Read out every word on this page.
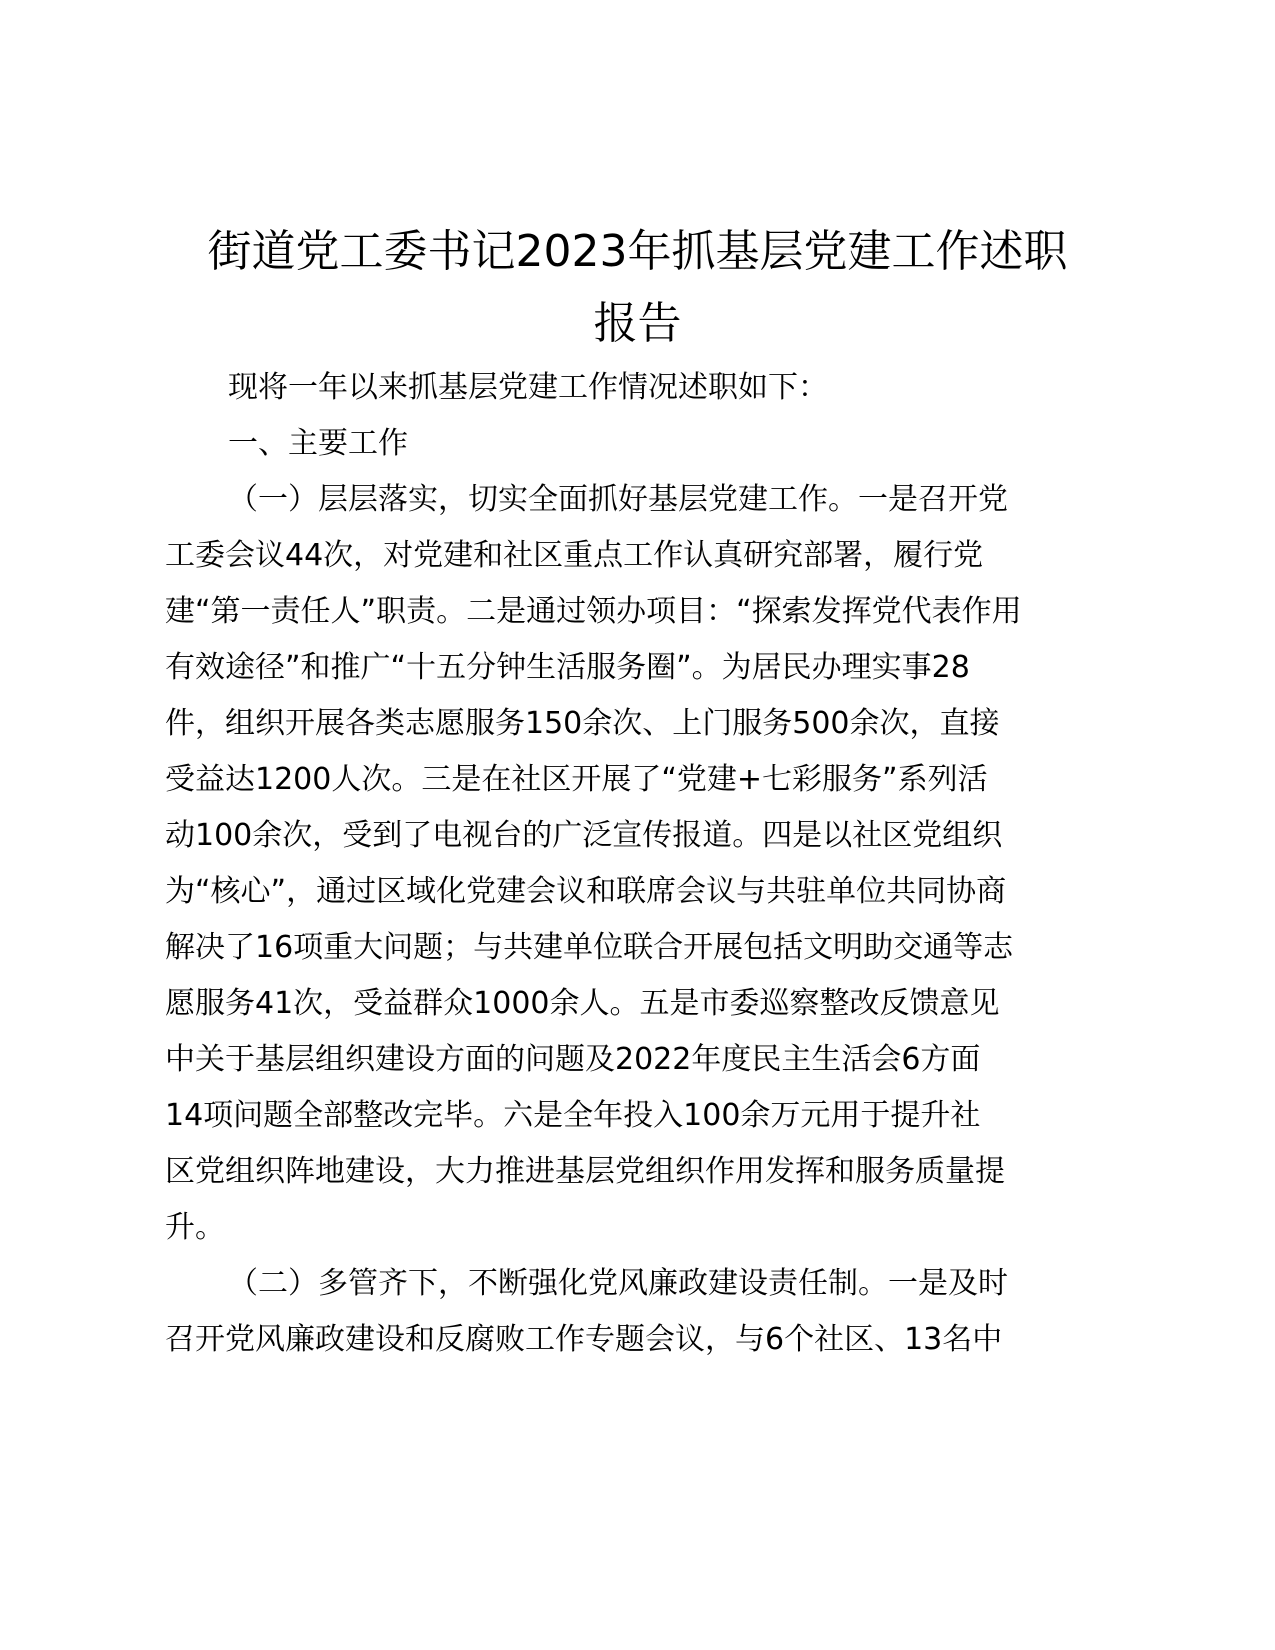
街道党工委书记2023年抓基层党建工作述职
报告
现将一年以来抓基层党建工作情况述职如下：
一、主要工作
（一）层层落实，切实全面抓好基层党建工作。一是召开党
工委会议44次，对党建和社区重点工作认真研究部署，履行党
建“第一责任人”职责。二是通过领办项目：“探索发挥党代表作用
有效途径”和推广“十五分钟生活服务圈”。为居民办理实事28
件，组织开展各类志愿服务150余次、上门服务500余次，直接
受益达1200人次。三是在社区开展了“党建+七彩服务”系列活
动100余次，受到了电视台的广泛宣传报道。四是以社区党组织
为“核心”，通过区域化党建会议和联席会议与共驻单位共同协商
解决了16项重大问题；与共建单位联合开展包括文明助交通等志
愿服务41次，受益群众1000余人。五是市委巡察整改反馈意见
中关于基层组织建设方面的问题及2022年度民主生活会6方面
14项问题全部整改完毕。六是全年投入100余万元用于提升社
区党组织阵地建设，大力推进基层党组织作用发挥和服务质量提
升。
（二）多管齐下，不断强化党风廉政建设责任制。一是及时
召开党风廉政建设和反腐败工作专题会议，与6个社区、13名中
